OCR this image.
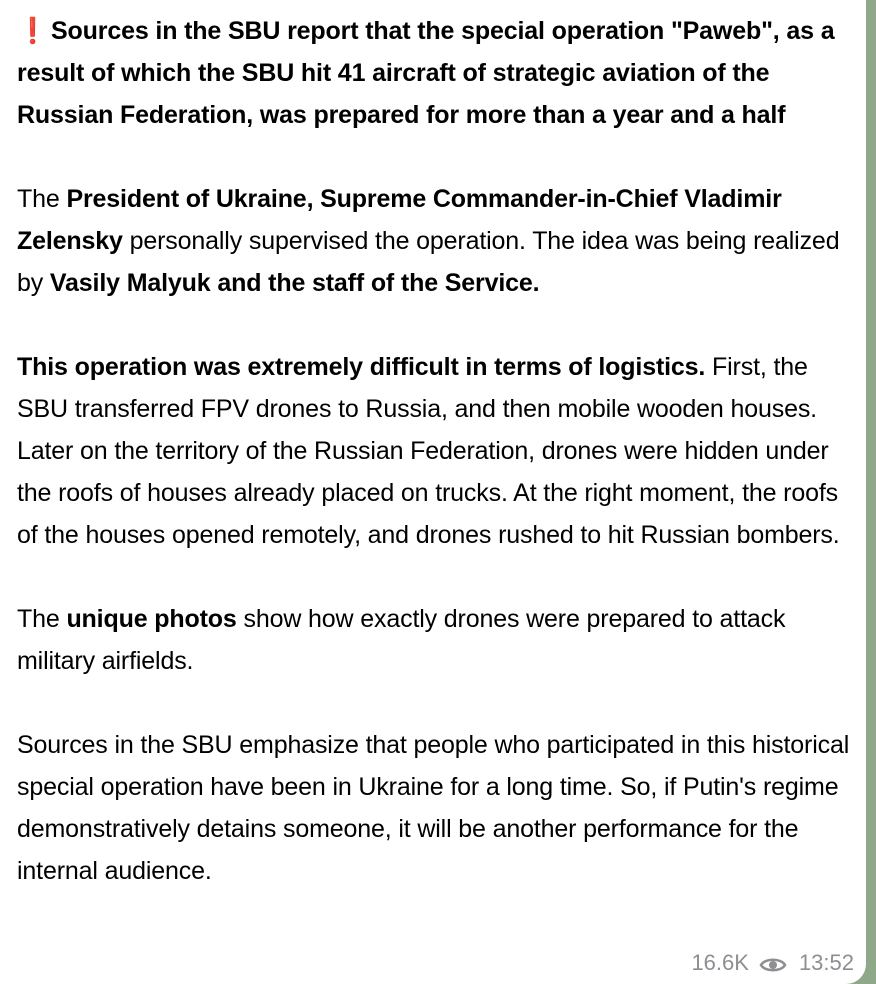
❗ Sources in the SBU report that the special operation "Paweb", as a result of which the SBU hit 41 aircraft of strategic aviation of the Russian Federation, was prepared for more than a year and a half
The President of Ukraine, Supreme Commander-in-Chief Vladimir Zelensky personally supervised the operation. The idea was being realized by Vasily Malyuk and the staff of the Service.
This operation was extremely difficult in terms of logistics. First, the SBU transferred FPV drones to Russia, and then mobile wooden houses. Later on the territory of the Russian Federation, drones were hidden under the roofs of houses already placed on trucks. At the right moment, the roofs of the houses opened remotely, and drones rushed to hit Russian bombers.
The unique photos show how exactly drones were prepared to attack military airfields.
Sources in the SBU emphasize that people who participated in this historical special operation have been in Ukraine for a long time. So, if Putin's regime demonstratively detains someone, it will be another performance for the internal audience.
16.6K 13:52
